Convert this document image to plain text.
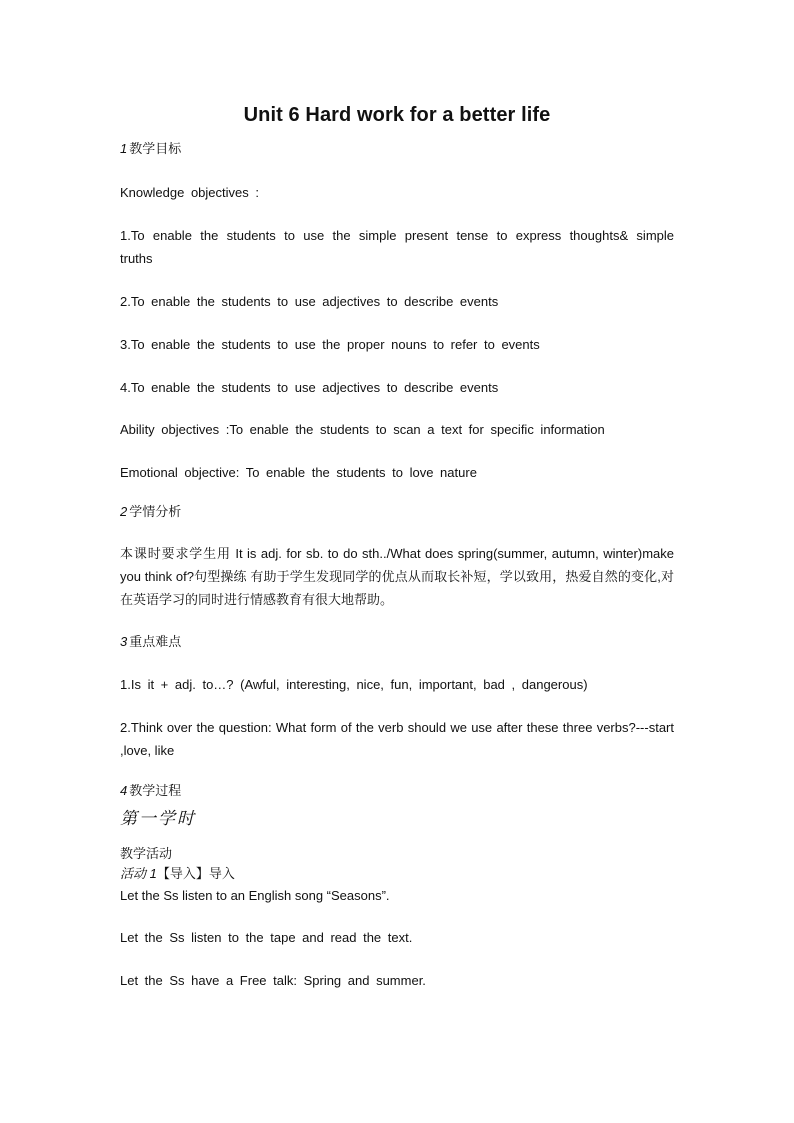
Unit 6 Hard work for a better life

1 教学目标

Knowledge objectives :

1.To enable the students to use the simple present tense to express thoughts& simple truths

2.To enable the students to use adjectives to describe events

3.To enable the students to use the proper nouns to refer to events

4.To enable the students to use adjectives to describe events

Ability objectives :To enable the students to scan a text for specific information

Emotional objective: To enable the students to love nature

2 学情分析

本课时要求学生用 It is adj. for sb. to do sth../What does spring(summer, autumn, winter)make you think of?句型操练 有助于学生发现同学的优点从而取长补短，学以致用，热爱自然的变化,对在英语学习的同时进行情感教育有很大地帮助。

3 重点难点

1.Is it + adj. to…? (Awful, interesting, nice, fun, important, bad , dangerous)

2.Think over the question: What form of the verb should we use after these three verbs?---start ,love, like

4 教学过程

第一学时

教学活动

活动 1【导入】导入

Let the Ss listen to an English song “Seasons”.

Let the Ss listen to the tape and read the text.

Let the Ss have a Free talk: Spring and summer.
